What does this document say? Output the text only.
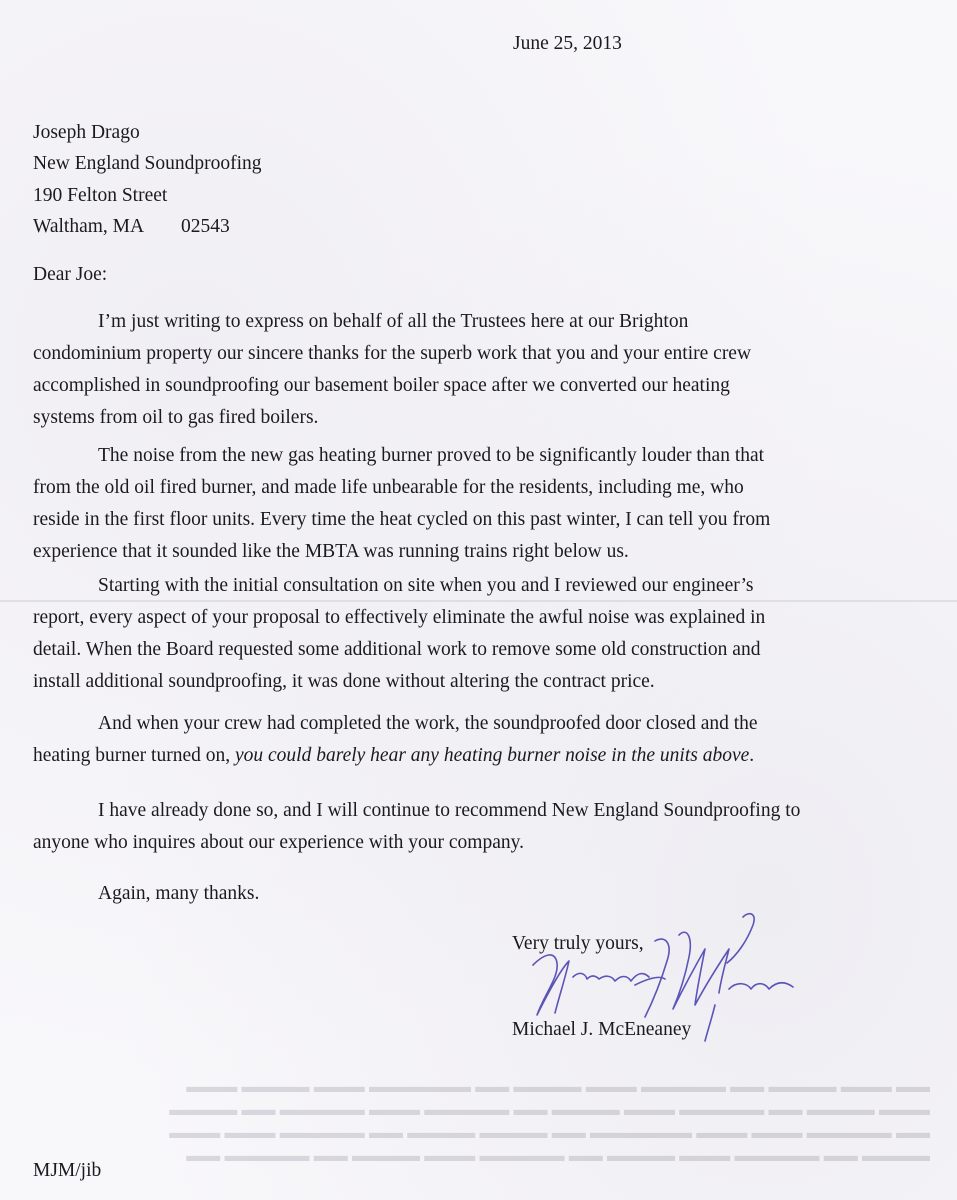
June 25, 2013
Joseph Drago
New England Soundproofing
190 Felton Street
Waltham, MA 02543
Dear Joe:
I’m just writing to express on behalf of all the Trustees here at our Brighton
condominium property our sincere thanks for the superb work that you and your entire crew
accomplished in soundproofing our basement boiler space after we converted our heating
systems from oil to gas fired boilers.
The noise from the new gas heating burner proved to be significantly louder than that
from the old oil fired burner, and made life unbearable for the residents, including me, who
reside in the first floor units. Every time the heat cycled on this past winter, I can tell you from
experience that it sounded like the MBTA was running trains right below us.
Starting with the initial consultation on site when you and I reviewed our engineer’s
report, every aspect of your proposal to effectively eliminate the awful noise was explained in
detail. When the Board requested some additional work to remove some old construction and
install additional soundproofing, it was done without altering the contract price.
And when your crew had completed the work, the soundproofed door closed and the
heating burner turned on, you could barely hear any heating burner noise in the units above.
I have already done so, and I will continue to recommend New England Soundproofing to
anyone who inquires about our experience with your company.
Again, many thanks.
Very truly yours,
Michael J. McEneaney
Michael J. McEneaney
▬▬ ▬▬▬ ▬▬▬▬ ▬▬ ▬▬▬▬▬ ▬▬▬ ▬▬▬▬ ▬▬ ▬▬▬▬▬▬ ▬▬▬ ▬▬▬▬ ▬▬▬
▬▬▬ ▬▬▬▬ ▬▬ ▬▬▬▬▬ ▬▬▬ ▬▬▬▬ ▬▬ ▬▬▬▬▬ ▬▬▬ ▬▬▬▬▬ ▬▬ ▬▬▬▬
▬▬ ▬▬▬▬▬ ▬▬▬ ▬▬▬ ▬▬▬▬▬▬ ▬▬ ▬▬▬▬ ▬▬▬▬ ▬▬ ▬▬▬▬▬ ▬▬▬ ▬▬▬
▬▬▬▬ ▬▬ ▬▬▬▬▬ ▬▬▬ ▬▬▬▬ ▬▬ ▬▬▬▬▬ ▬▬▬ ▬▬▬▬ ▬▬ ▬▬▬▬▬ ▬▬
MJM/jib
